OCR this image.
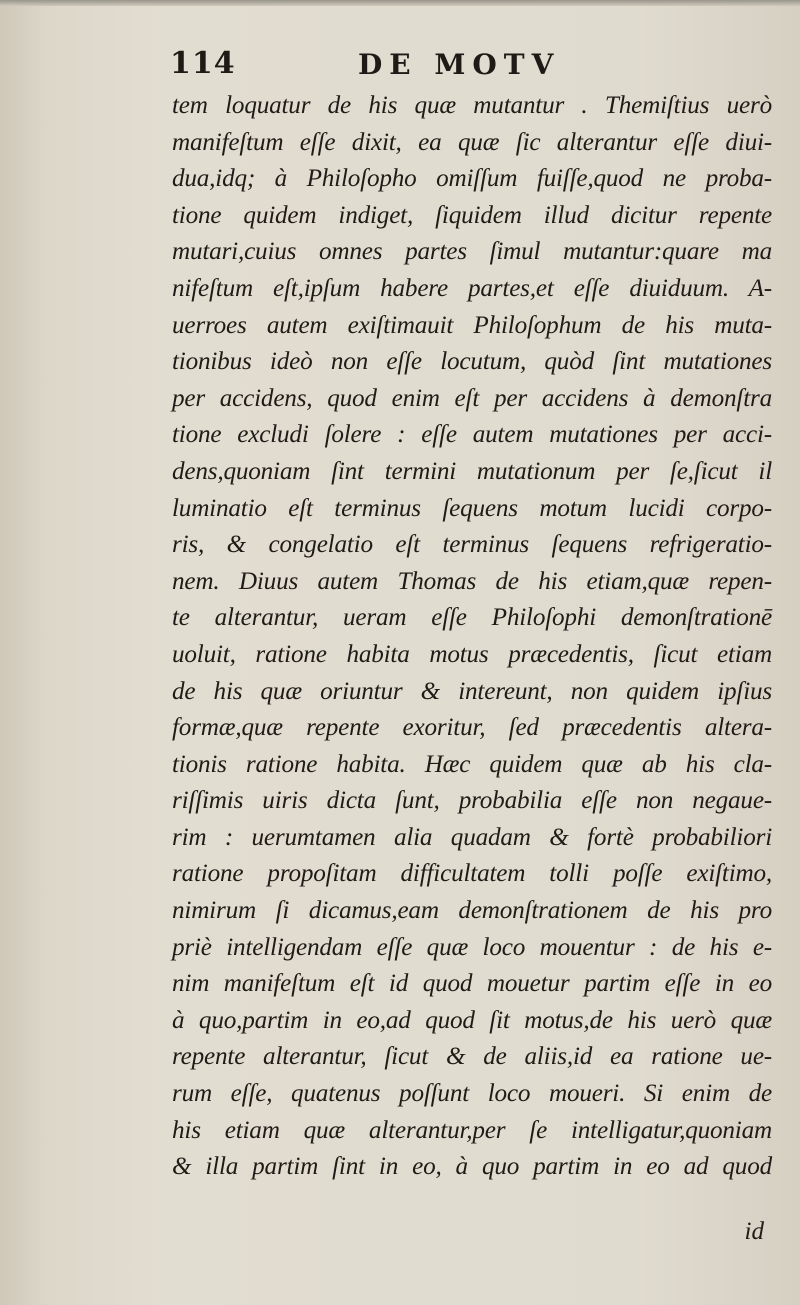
114	DE MOTV
tem loquatur de his quæ mutantur . Themiſtius uerò
manifeſtum eſſe dixit, ea quæ ſic alterantur eſſe diui-
dua,idq; à Philoſopho omiſſum fuiſſe,quod ne proba-
tione quidem indiget, ſiquidem illud dicitur repente
mutari,cuius omnes partes ſimul mutantur:quare ma
nifeſtum eſt,ipſum habere partes,et eſſe diuiduum. A-
uerroes autem exiſtimauit Philoſophum de his muta-
tionibus ideò non eſſe locutum, quòd ſint mutationes
per accidens, quod enim eſt per accidens à demonſtra
tione excludi ſolere : eſſe autem mutationes per acci-
dens,quoniam ſint termini mutationum per ſe,ſicut il
luminatio eſt terminus ſequens motum lucidi corpo-
ris, & congelatio eſt terminus ſequens refrigeratio-
nem. Diuus autem Thomas de his etiam,quæ repen-
te alterantur, ueram eſſe Philoſophi demonſtrationē
uoluit, ratione habita motus præcedentis, ſicut etiam
de his quæ oriuntur & intereunt, non quidem ipſius
formæ,quæ repente exoritur, ſed præcedentis altera-
tionis ratione habita. Hæc quidem quæ ab his cla-
riſſimis uiris dicta ſunt, probabilia eſſe non negaue-
rim : uerumtamen alia quadam & fortè probabiliori
ratione propoſitam difficultatem tolli poſſe exiſtimo,
nimirum ſi dicamus,eam demonſtrationem de his pro
priè intelligendam eſſe quæ loco mouentur : de his e-
nim manifeſtum eſt id quod mouetur partim eſſe in eo
à quo,partim in eo,ad quod ſit motus,de his uerò quæ
repente alterantur, ſicut & de aliis,id ea ratione ue-
rum eſſe, quatenus poſſunt loco moueri. Si enim de
his etiam quæ alterantur,per ſe intelligatur,quoniam
& illa partim ſint in eo, à quo partim in eo ad quod
id
